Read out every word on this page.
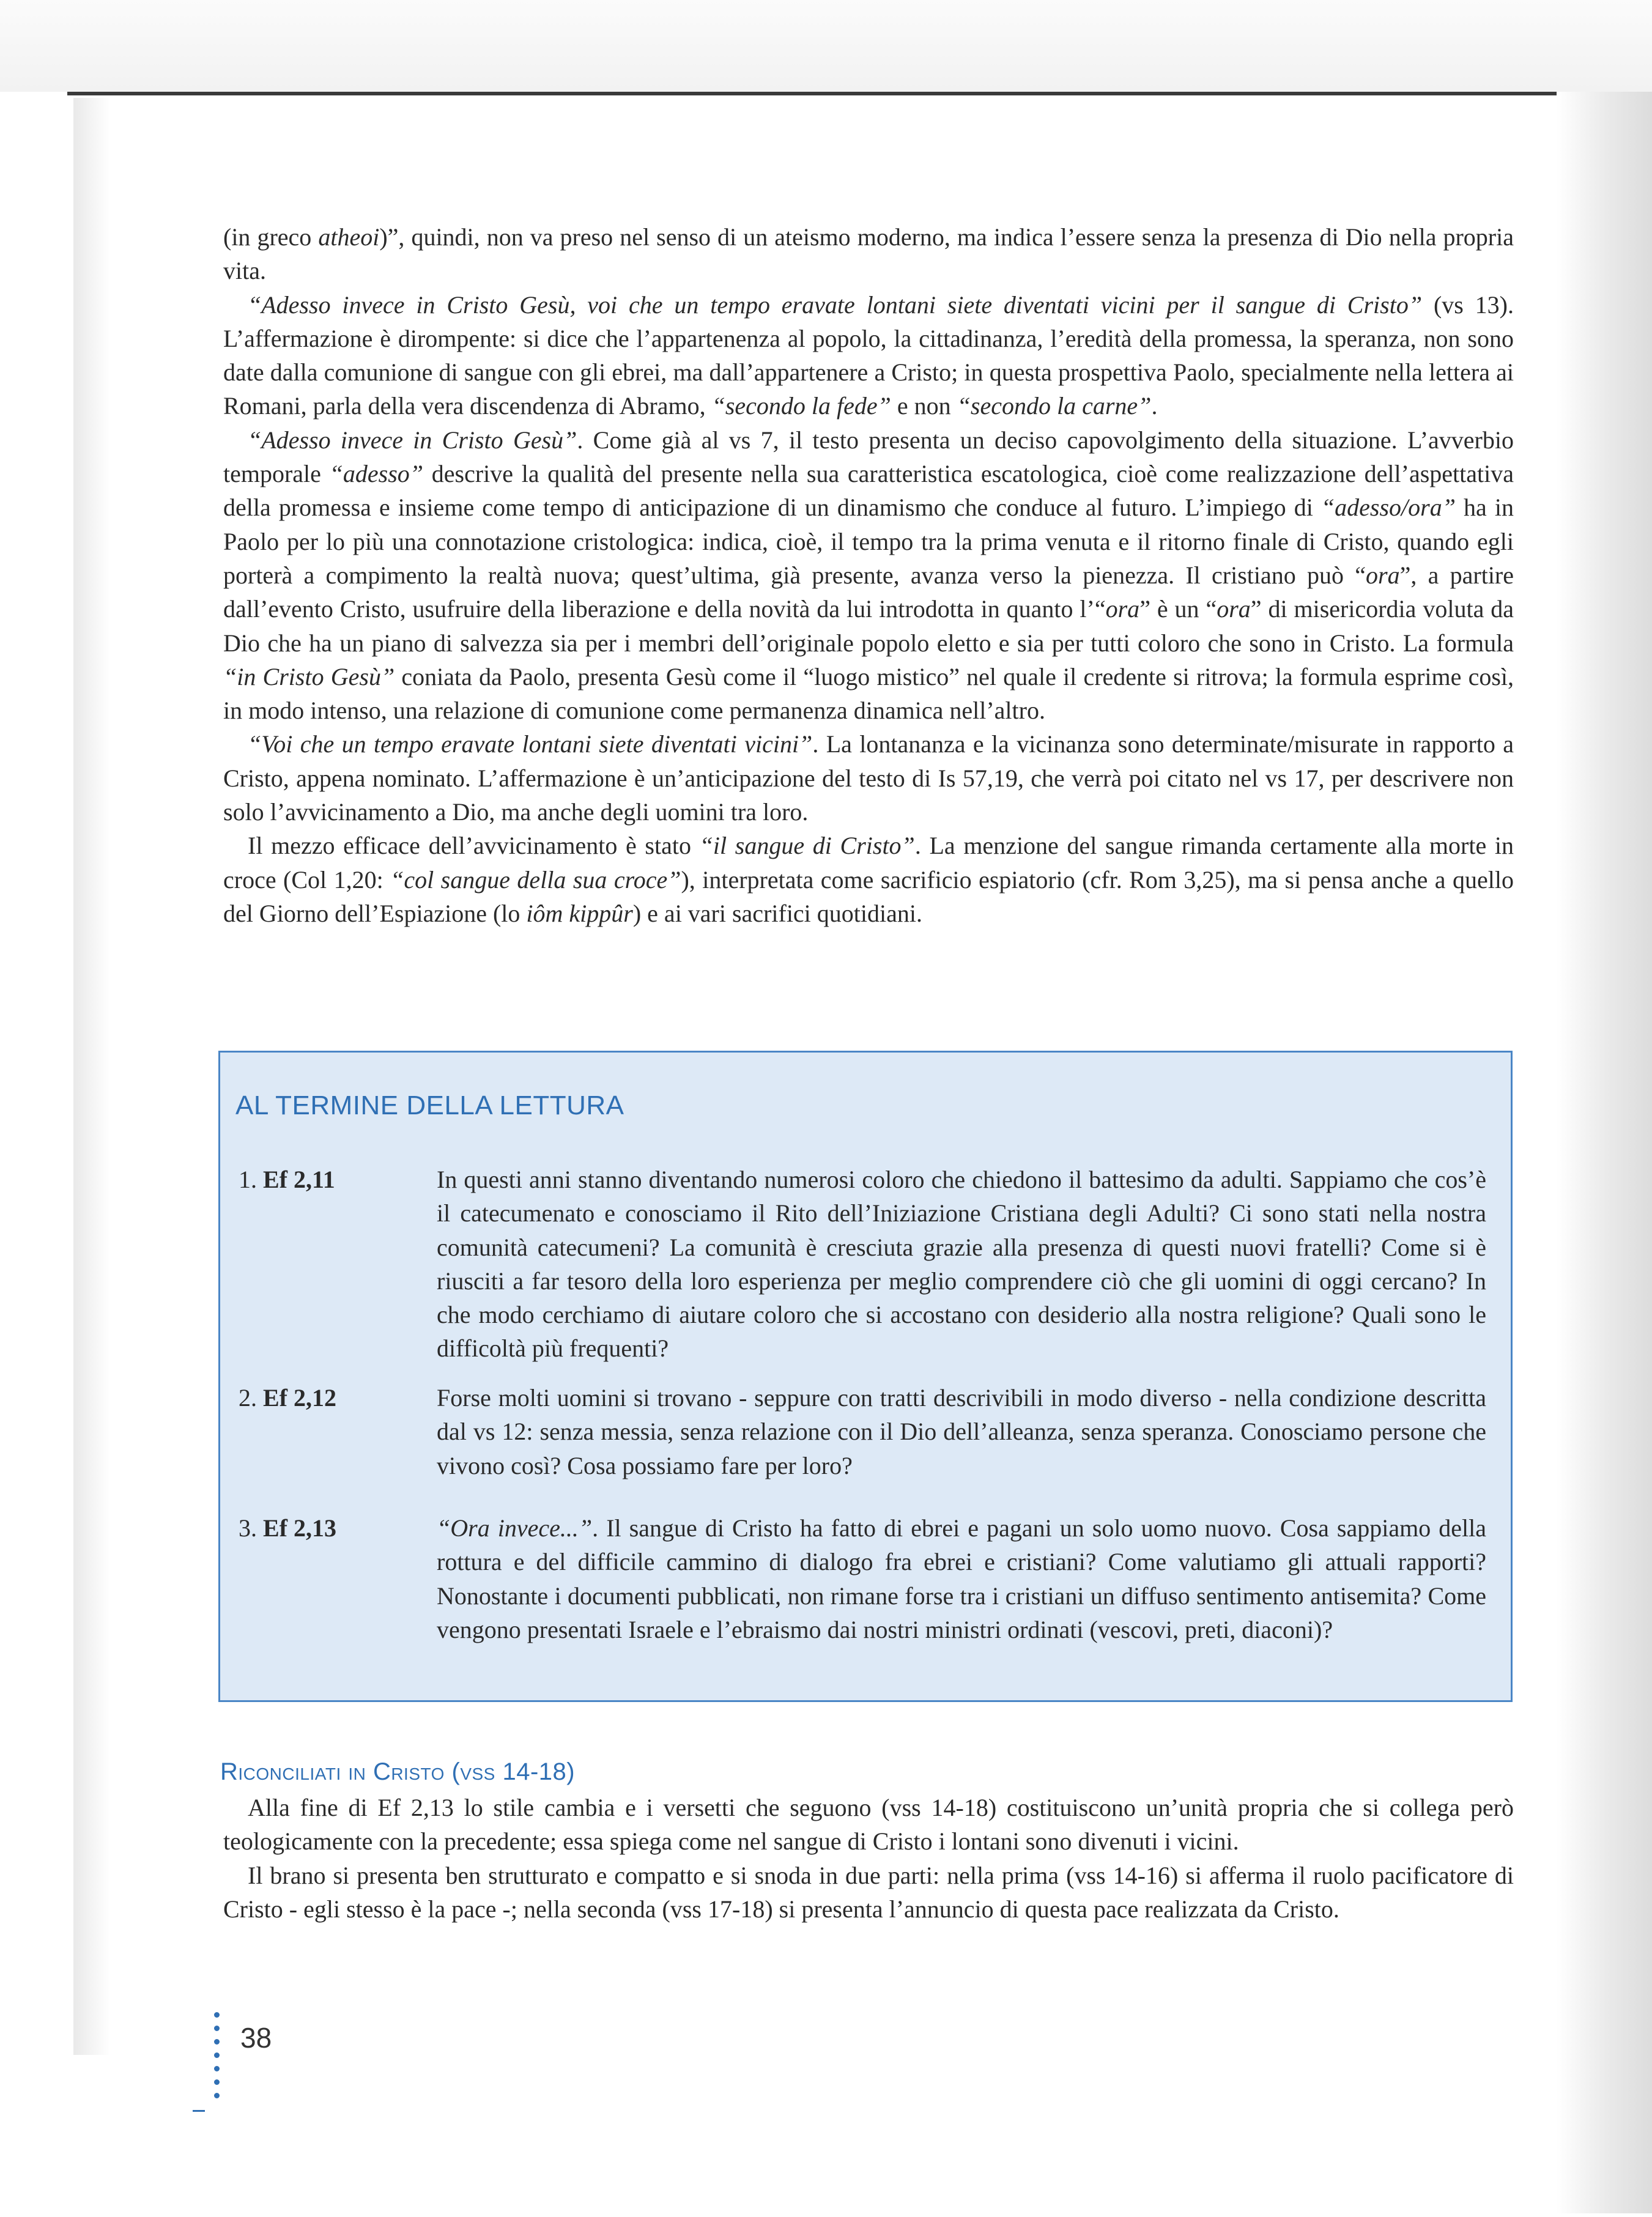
(in greco atheoi)”, quindi, non va preso nel senso di un ateismo moderno, ma indica l’essere senza la presenza di Dio nella propria vita.

“Adesso invece in Cristo Gesù, voi che un tempo eravate lontani siete diventati vicini per il sangue di Cristo” (vs 13). L’affermazione è dirompente: si dice che l’appartenenza al popolo, la cittadinanza, l’eredità della promessa, la speranza, non sono date dalla comunione di sangue con gli ebrei, ma dall’appartenere a Cristo; in questa prospettiva Paolo, specialmente nella lettera ai Romani, parla della vera discendenza di Abramo, “secondo la fede” e non “secondo la carne”.

“Adesso invece in Cristo Gesù”. Come già al vs 7, il testo presenta un deciso capovolgimento della situazione. L’avverbio temporale “adesso” descrive la qualità del presente nella sua caratteristica escatologica, cioè come realizzazione dell’aspettativa della promessa e insieme come tempo di anticipazione di un dinamismo che conduce al futuro. L’impiego di “adesso/ora” ha in Paolo per lo più una connotazione cristologica: indica, cioè, il tempo tra la prima venuta e il ritorno finale di Cristo, quando egli porterà a compimento la realtà nuova; quest’ultima, già presente, avanza verso la pienezza. Il cristiano può “ora”, a partire dall’evento Cristo, usufruire della liberazione e della novità da lui introdotta in quanto l’“ora” è un “ora” di misericordia voluta da Dio che ha un piano di salvezza sia per i membri dell’originale popolo eletto e sia per tutti coloro che sono in Cristo. La formula “in Cristo Gesù” coniata da Paolo, presenta Gesù come il “luogo mistico” nel quale il credente si ritrova; la formula esprime così, in modo intenso, una relazione di comunione come permanenza dinamica nell’altro.

“Voi che un tempo eravate lontani siete diventati vicini”. La lontananza e la vicinanza sono determinate/misurate in rapporto a Cristo, appena nominato. L’affermazione è un’anticipazione del testo di Is 57,19, che verrà poi citato nel vs 17, per descrivere non solo l’avvicinamento a Dio, ma anche degli uomini tra loro.

Il mezzo efficace dell’avvicinamento è stato “il sangue di Cristo”. La menzione del sangue rimanda certamente alla morte in croce (Col 1,20: “col sangue della sua croce”), interpretata come sacrificio espiatorio (cfr. Rom 3,25), ma si pensa anche a quello del Giorno dell’Espiazione (lo iôm kippûr) e ai vari sacrifici quotidiani.

AL TERMINE DELLA LETTURA
1. Ef 2,11	In questi anni stanno diventando numerosi coloro che chiedono il battesimo da adulti. Sappiamo che cos’è il catecumenato e conosciamo il Rito dell’Iniziazione Cristiana degli Adulti? Ci sono stati nella nostra comunità catecumeni? La comunità è cresciuta grazie alla presenza di questi nuovi fratelli? Come si è riusciti a far tesoro della loro esperienza per meglio comprendere ciò che gli uomini di oggi cercano? In che modo cerchiamo di aiutare coloro che si accostano con desiderio alla nostra religione? Quali sono le difficoltà più frequenti?
2. Ef 2,12	Forse molti uomini si trovano - seppure con tratti descrivibili in modo diverso - nella condizione descritta dal vs 12: senza messia, senza relazione con il Dio dell’alleanza, senza speranza. Conosciamo persone che vivono così? Cosa possiamo fare per loro?
3. Ef 2,13	“Ora invece...”. Il sangue di Cristo ha fatto di ebrei e pagani un solo uomo nuovo. Cosa sappiamo della rottura e del difficile cammino di dialogo fra ebrei e cristiani? Come valutiamo gli attuali rapporti? Nonostante i documenti pubblicati, non rimane forse tra i cristiani un diffuso sentimento antisemita? Come vengono presentati Israele e l’ebraismo dai nostri ministri ordinati (vescovi, preti, diaconi)?
Riconciliati in Cristo (vss 14-18)

Alla fine di Ef 2,13 lo stile cambia e i versetti che seguono (vss 14-18) costituiscono un’unità propria che si collega però teologicamente con la precedente; essa spiega come nel sangue di Cristo i lontani sono divenuti i vicini.

Il brano si presenta ben strutturato e compatto e si snoda in due parti: nella prima (vss 14-16) si afferma il ruolo pacificatore di Cristo - egli stesso è la pace -; nella seconda (vss 17-18) si presenta l’annuncio di questa pace realizzata da Cristo.

38
